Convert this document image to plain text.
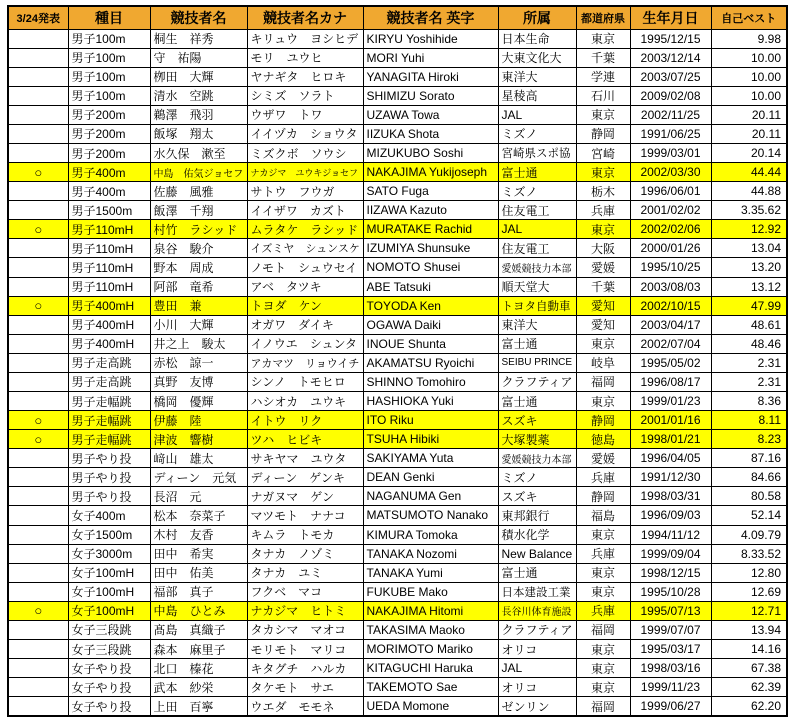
3/24発表	種目	競技者名	競技者名カナ	競技者名 英字	所属	都道府県	生年月日	自己ベスト
	男子100m	桐生　祥秀	キリュウ　ヨシヒデ	KIRYU Yoshihide	日本生命	東京	1995/12/15	9.98
	男子100m	守　祐陽	モリ　ユウヒ	MORI Yuhi	大東文化大	千葉	2003/12/14	10.00
	男子100m	栁田　大輝	ヤナギタ　ヒロキ	YANAGITA Hiroki	東洋大	学連	2003/07/25	10.00
	男子100m	清水　空跳	シミズ　ソラト	SHIMIZU Sorato	星稜高	石川	2009/02/08	10.00
	男子200m	鵜澤　飛羽	ウザワ　トワ	UZAWA Towa	JAL	東京	2002/11/25	20.11
	男子200m	飯塚　翔太	イイヅカ　ショウタ	IIZUKA Shota	ミズノ	静岡	1991/06/25	20.11
	男子200m	水久保　漱至	ミズクボ　ソウシ	MIZUKUBO Soshi	宮崎県スポ協	宮崎	1999/03/01	20.14
○	男子400m	中島　佑気ジョセフ	ナカジマ　ユウキジョセフ	NAKAJIMA Yukijoseph	富士通	東京	2002/03/30	44.44
	男子400m	佐藤　風雅	サトウ　フウガ	SATO Fuga	ミズノ	栃木	1996/06/01	44.88
	男子1500m	飯澤　千翔	イイザワ　カズト	IIZAWA Kazuto	住友電工	兵庫	2001/02/02	3.35.62
○	男子110mH	村竹　ラシッド	ムラタケ　ラシッド	MURATAKE Rachid	JAL	東京	2002/02/06	12.92
	男子110mH	泉谷　駿介	イズミヤ　シュンスケ	IZUMIYA Shunsuke	住友電工	大阪	2000/01/26	13.04
	男子110mH	野本　周成	ノモト　シュウセイ	NOMOTO Shusei	愛媛競技力本部	愛媛	1995/10/25	13.20
	男子110mH	阿部　竜希	アベ　タツキ	ABE Tatsuki	順天堂大	千葉	2003/08/03	13.12
○	男子400mH	豊田　兼	トヨダ　ケン	TOYODA Ken	トヨタ自動車	愛知	2002/10/15	47.99
	男子400mH	小川　大輝	オガワ　ダイキ	OGAWA Daiki	東洋大	愛知	2003/04/17	48.61
	男子400mH	井之上　駿太	イノウエ　シュンタ	INOUE Shunta	富士通	東京	2002/07/04	48.46
	男子走高跳	赤松　諒一	アカマツ　リョウイチ	AKAMATSU Ryoichi	SEIBU PRINCE	岐阜	1995/05/02	2.31
	男子走高跳	真野　友博	シンノ　トモヒロ	SHINNO Tomohiro	クラフティア	福岡	1996/08/17	2.31
	男子走幅跳	橋岡　優輝	ハシオカ　ユウキ	HASHIOKA Yuki	富士通	東京	1999/01/23	8.36
○	男子走幅跳	伊藤　陸	イトウ　リク	ITO Riku	スズキ	静岡	2001/01/16	8.11
○	男子走幅跳	津波　響樹	ツハ　ヒビキ	TSUHA Hibiki	大塚製薬	徳島	1998/01/21	8.23
	男子やり投	﨑山　雄太	サキヤマ　ユウタ	SAKIYAMA Yuta	愛媛競技力本部	愛媛	1996/04/05	87.16
	男子やり投	ディーン　元気	ディーン　ゲンキ	DEAN Genki	ミズノ	兵庫	1991/12/30	84.66
	男子やり投	長沼　元	ナガヌマ　ゲン	NAGANUMA Gen	スズキ	静岡	1998/03/31	80.58
	女子400m	松本　奈菜子	マツモト　ナナコ	MATSUMOTO Nanako	東邦銀行	福島	1996/09/03	52.14
	女子1500m	木村　友香	キムラ　トモカ	KIMURA Tomoka	積水化学	東京	1994/11/12	4.09.79
	女子3000m	田中　希実	タナカ　ノゾミ	TANAKA Nozomi	New Balance	兵庫	1999/09/04	8.33.52
	女子100mH	田中　佑美	タナカ　ユミ	TANAKA Yumi	富士通	東京	1998/12/15	12.80
	女子100mH	福部　真子	フクベ　マコ	FUKUBE Mako	日本建設工業	東京	1995/10/28	12.69
○	女子100mH	中島　ひとみ	ナカジマ　ヒトミ	NAKAJIMA Hitomi	長谷川体育施設	兵庫	1995/07/13	12.71
	女子三段跳	髙島　真織子	タカシマ　マオコ	TAKASIMA Maoko	クラフティア	福岡	1999/07/07	13.94
	女子三段跳	森本　麻里子	モリモト　マリコ	MORIMOTO Mariko	オリコ	東京	1995/03/17	14.16
	女子やり投	北口　榛花	キタグチ　ハルカ	KITAGUCHI Haruka	JAL	東京	1998/03/16	67.38
	女子やり投	武本　紗栄	タケモト　サエ	TAKEMOTO Sae	オリコ	東京	1999/11/23	62.39
	女子やり投	上田　百寧	ウエダ　モモネ	UEDA Momone	ゼンリン	福岡	1999/06/27	62.20
